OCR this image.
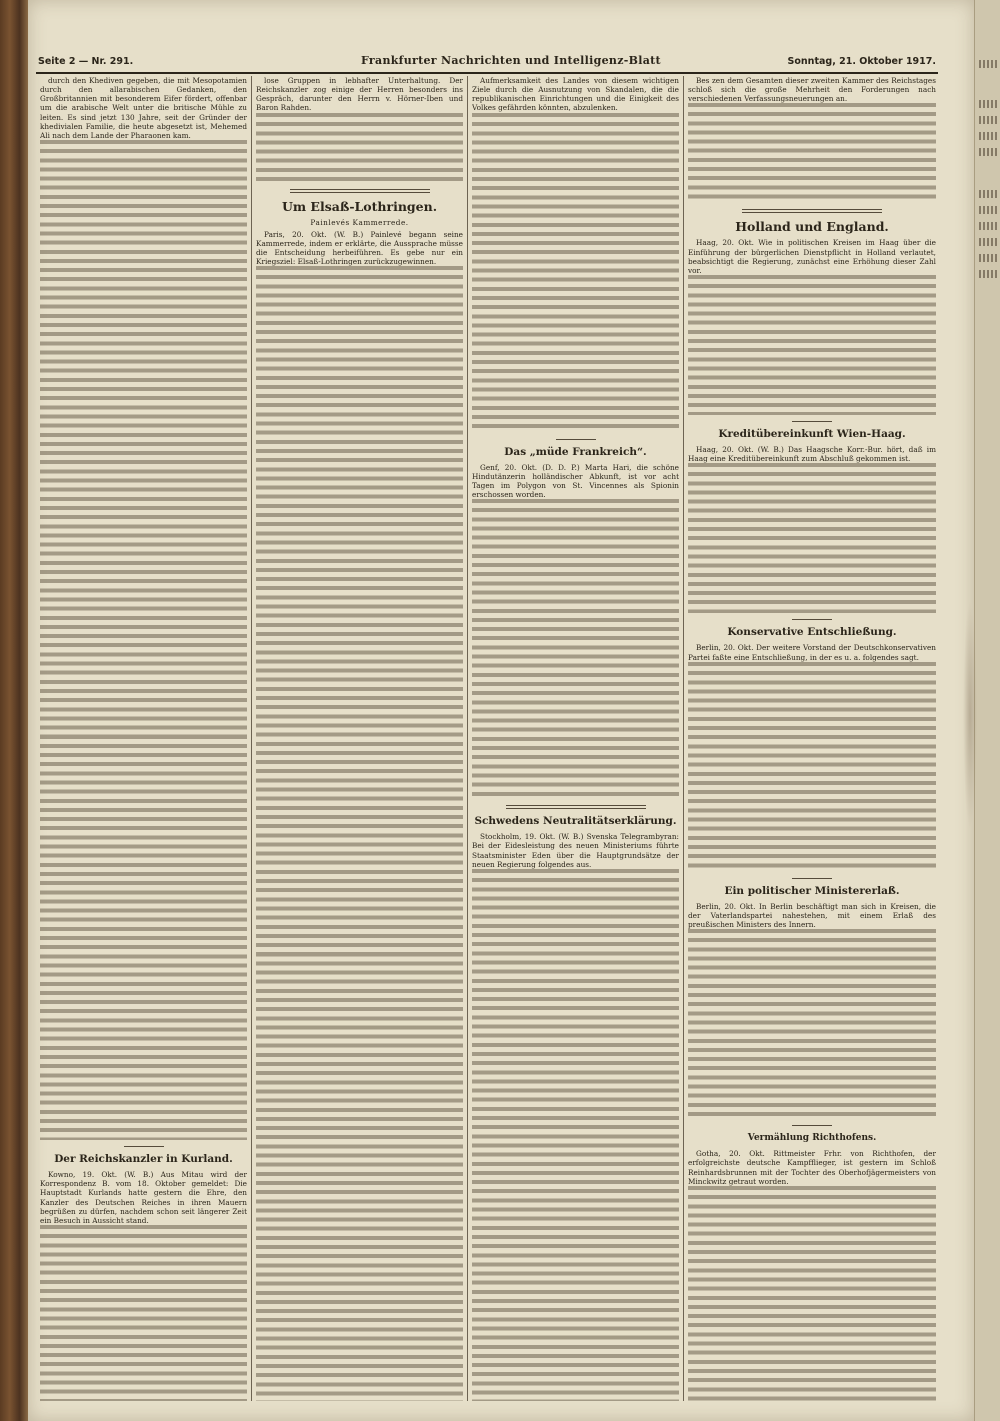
Seite 2 — Nr. 291.	Frankfurter Nachrichten und Intelligenz-Blatt	Sonntag, 21. Oktober 1917.

durch den Khediven gegeben, die mit Mesopotamien durch den allarabischen Gedanken, den Großbritannien mit besonderem Eifer fördert, offenbar um die arabische Welt unter die britische Mühle zu leiten. Es sind jetzt 130 Jahre, seit der Gründer der khedivialen Familie, die heute abgesetzt ist, Mehemed Ali nach dem Lande der Pharaonen kam.

Der Reichskanzler in Kurland.

Kowno, 19. Okt. (W. B.) Aus Mitau wird der Korrespondenz B. vom 18. Oktober gemeldet: Die Hauptstadt Kurlands hatte gestern die Ehre, den Kanzler des Deutschen Reiches in ihren Mauern begrüßen zu dürfen, nachdem schon seit längerer Zeit ein Besuch in Aussicht stand.

lose Gruppen in lebhafter Unterhaltung. Der Reichskanzler zog einige der Herren besonders ins Gespräch, darunter den Herrn v. Hörner-Iben und Baron Rahden.

Um Elsaß-Lothringen.
Painlevés Kammerrede.

Paris, 20. Okt. (W. B.) Painlevé begann seine Kammerrede, indem er erklärte, die Aussprache müsse die Entscheidung herbeiführen. Es gebe nur ein Kriegsziel: Elsaß-Lothringen zurückzugewinnen.

Aufmerksamkeit des Landes von diesem wichtigen Ziele durch die Ausnutzung von Skandalen, die die republikanischen Einrichtungen und die Einigkeit des Volkes gefährden könnten, abzulenken.

Das „müde Frankreich“.

Genf, 20. Okt. (D. D. P.) Marta Hari, die schöne Hindutänzerin holländischer Abkunft, ist vor acht Tagen im Polygon von St. Vincennes als Spionin erschossen worden.

Schwedens Neutralitätserklärung.

Stockholm, 19. Okt. (W. B.) Svenska Telegrambyran: Bei der Eidesleistung des neuen Ministeriums führte Staatsminister Eden über die Hauptgrundsätze der neuen Regierung folgendes aus.

Bes zen dem Gesamten dieser zweiten Kammer des Reichstages schloß sich die große Mehrheit den Forderungen nach verschiedenen Verfassungsneuerungen an.

Holland und England.

Haag, 20. Okt. Wie in politischen Kreisen im Haag über die Einführung der bürgerlichen Dienstpflicht in Holland verlautet, beabsichtigt die Regierung, zunächst eine Erhöhung dieser Zahl vor.

Kreditübereinkunft Wien-Haag.

Haag, 20. Okt. (W. B.) Das Haagsche Korr.-Bur. hört, daß im Haag eine Kreditübereinkunft zum Abschluß gekommen ist.

Konservative Entschließung.

Berlin, 20. Okt. Der weitere Vorstand der Deutschkonservativen Partei faßte eine Entschließung, in der es u. a. folgendes sagt.

Ein politischer Ministererlaß.

Berlin, 20. Okt. In Berlin beschäftigt man sich in Kreisen, die der Vaterlandspartei nahestehen, mit einem Erlaß des preußischen Ministers des Innern.

Vermählung Richthofens.

Gotha, 20. Okt. Rittmeister Frhr. von Richthofen, der erfolgreichste deutsche Kampfflieger, ist gestern im Schloß Reinhardsbrunnen mit der Tochter des Oberhofjägermeisters von Minckwitz getraut worden.
